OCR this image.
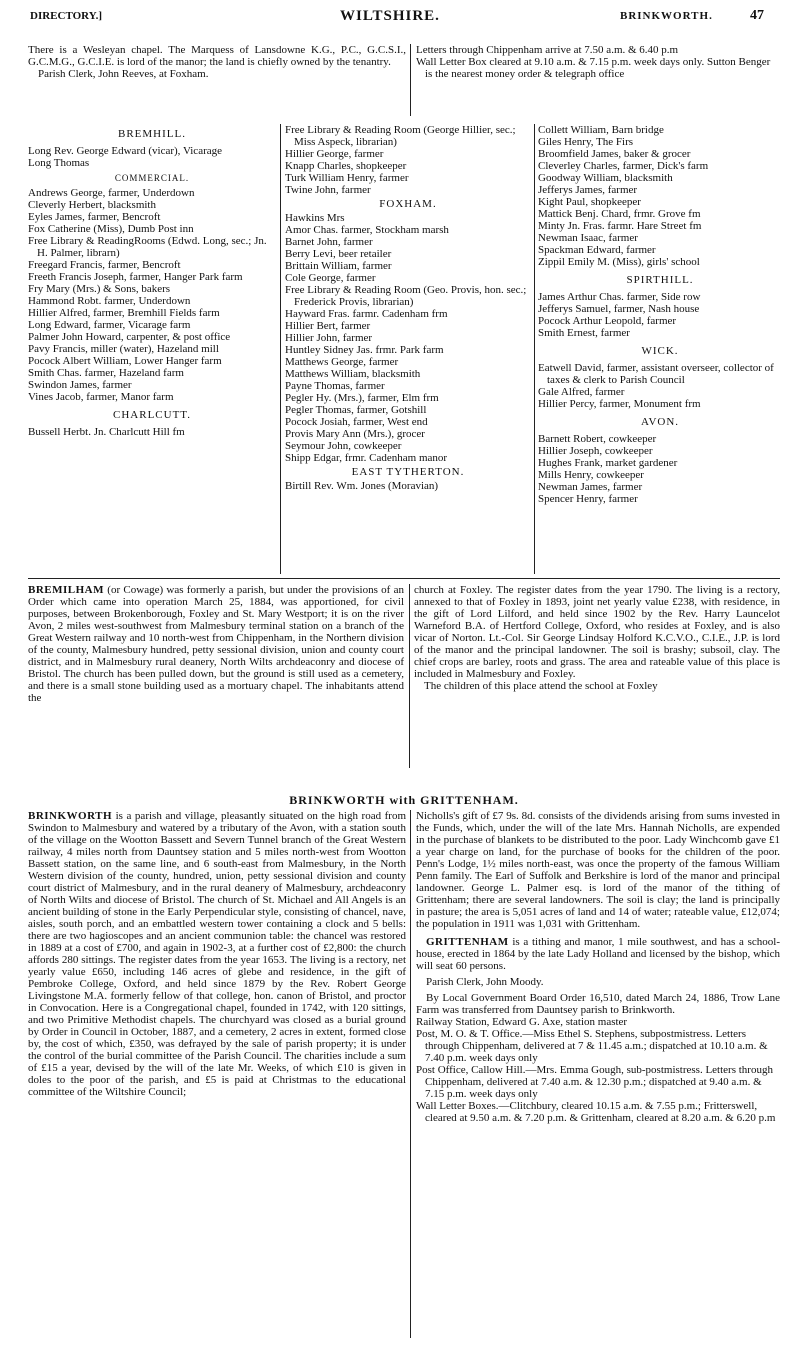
DIRECTORY.]	WILTSHIRE.	BRINKWORTH.	47

There is a Wesleyan chapel. The Marquess of Lansdowne K.G., P.C., G.C.S.I., G.C.M.G., G.C.I.E. is lord of the manor; the land is chiefly owned by the tenantry.

Parish Clerk, John Reeves, at Foxham.

Letters through Chippenham arrive at 7.50 a.m. & 6.40 p.m

Wall Letter Box cleared at 9.10 a.m. & 7.15 p.m. week days only. Sutton Benger is the nearest money order & telegraph office

BREMHILL.

Long Rev. George Edward (vicar), Vicarage

Long Thomas

COMMERCIAL.

Andrews George, farmer, Underdown

Cleverly Herbert, blacksmith

Eyles James, farmer, Bencroft

Fox Catherine (Miss), Dumb Post inn

Free Library & ReadingRooms (Edwd. Long, sec.; Jn. H. Palmer, librarn)

Freegard Francis, farmer, Bencroft

Freeth Francis Joseph, farmer, Hanger Park farm

Fry Mary (Mrs.) & Sons, bakers

Hammond Robt. farmer, Underdown

Hillier Alfred, farmer, Bremhill Fields farm

Long Edward, farmer, Vicarage farm

Palmer John Howard, carpenter, & post office

Pavy Francis, miller (water), Hazeland mill

Pocock Albert William, Lower Hanger farm

Smith Chas. farmer, Hazeland farm

Swindon James, farmer

Vines Jacob, farmer, Manor farm

CHARLCUTT.

Bussell Herbt. Jn. Charlcutt Hill fm

Free Library & Reading Room (George Hillier, sec.; Miss Aspeck, librarian)

Hillier George, farmer

Knapp Charles, shopkeeper

Turk William Henry, farmer

Twine John, farmer

FOXHAM.

Hawkins Mrs

Amor Chas. farmer, Stockham marsh

Barnet John, farmer

Berry Levi, beer retailer

Brittain William, farmer

Cole George, farmer

Free Library & Reading Room (Geo. Provis, hon. sec.; Frederick Provis, librarian)

Hayward Fras. farmr. Cadenham frm

Hillier Bert, farmer

Hillier John, farmer

Huntley Sidney Jas. frmr. Park farm

Matthews George, farmer

Matthews William, blacksmith

Payne Thomas, farmer

Pegler Hy. (Mrs.), farmer, Elm frm

Pegler Thomas, farmer, Gotshill

Pocock Josiah, farmer, West end

Provis Mary Ann (Mrs.), grocer

Seymour John, cowkeeper

Shipp Edgar, frmr. Cadenham manor

EAST TYTHERTON.

Birtill Rev. Wm. Jones (Moravian)

Collett William, Barn bridge

Giles Henry, The Firs

Broomfield James, baker & grocer

Cleverley Charles, farmer, Dick's farm

Goodway William, blacksmith

Jefferys James, farmer

Kight Paul, shopkeeper

Mattick Benj. Chard, frmr. Grove fm

Minty Jn. Fras. farmr. Hare Street fm

Newman Isaac, farmer

Spackman Edward, farmer

Zippil Emily M. (Miss), girls' school

SPIRTHILL.

James Arthur Chas. farmer, Side row

Jefferys Samuel, farmer, Nash house

Pocock Arthur Leopold, farmer

Smith Ernest, farmer

WICK.

Eatwell David, farmer, assistant overseer, collector of taxes & clerk to Parish Council

Gale Alfred, farmer

Hillier Percy, farmer, Monument frm

AVON.

Barnett Robert, cowkeeper

Hillier Joseph, cowkeeper

Hughes Frank, market gardener

Mills Henry, cowkeeper

Newman James, farmer

Spencer Henry, farmer

BREMILHAM (or Cowage) was formerly a parish, but under the provisions of an Order which came into operation March 25, 1884, was apportioned, for civil purposes, between Brokenborough, Foxley and St. Mary Westport; it is on the river Avon, 2 miles west-southwest from Malmesbury terminal station on a branch of the Great Western railway and 10 north-west from Chippenham, in the Northern division of the county, Malmesbury hundred, petty sessional division, union and county court district, and in Malmesbury rural deanery, North Wilts archdeaconry and diocese of Bristol. The church has been pulled down, but the ground is still used as a cemetery, and there is a small stone building used as a mortuary chapel. The inhabitants attend the

church at Foxley. The register dates from the year 1790. The living is a rectory, annexed to that of Foxley in 1893, joint net yearly value £238, with residence, in the gift of Lord Lilford, and held since 1902 by the Rev. Harry Launcelot Warneford B.A. of Hertford College, Oxford, who resides at Foxley, and is also vicar of Norton. Lt.-Col. Sir George Lindsay Holford K.C.V.O., C.I.E., J.P. is lord of the manor and the principal landowner. The soil is brashy; subsoil, clay. The chief crops are barley, roots and grass. The area and rateable value of this place is included in Malmesbury and Foxley.

The children of this place attend the school at Foxley

BRINKWORTH with GRITTENHAM.

BRINKWORTH is a parish and village, pleasantly situated on the high road from Swindon to Malmesbury and watered by a tributary of the Avon, with a station south of the village on the Wootton Bassett and Severn Tunnel branch of the Great Western railway, 4 miles north from Dauntsey station and 5 miles north-west from Wootton Bassett station, on the same line, and 6 south-east from Malmesbury, in the North Western division of the county, hundred, union, petty sessional division and county court district of Malmesbury, and in the rural deanery of Malmesbury, archdeaconry of North Wilts and diocese of Bristol. The church of St. Michael and All Angels is an ancient building of stone in the Early Perpendicular style, consisting of chancel, nave, aisles, south porch, and an embattled western tower containing a clock and 5 bells: there are two hagioscopes and an ancient communion table: the chancel was restored in 1889 at a cost of £700, and again in 1902-3, at a further cost of £2,800: the church affords 280 sittings. The register dates from the year 1653. The living is a rectory, net yearly value £650, including 146 acres of glebe and residence, in the gift of Pembroke College, Oxford, and held since 1879 by the Rev. Robert George Livingstone M.A. formerly fellow of that college, hon. canon of Bristol, and proctor in Convocation. Here is a Congregational chapel, founded in 1742, with 120 sittings, and two Primitive Methodist chapels. The churchyard was closed as a burial ground by Order in Council in October, 1887, and a cemetery, 2 acres in extent, formed close by, the cost of which, £350, was defrayed by the sale of parish property; it is under the control of the burial committee of the Parish Council. The charities include a sum of £15 a year, devised by the will of the late Mr. Weeks, of which £10 is given in doles to the poor of the parish, and £5 is paid at Christmas to the educational committee of the Wiltshire Council;

Nicholls's gift of £7 9s. 8d. consists of the dividends arising from sums invested in the Funds, which, under the will of the late Mrs. Hannah Nicholls, are expended in the purchase of blankets to be distributed to the poor. Lady Winchcomb gave £1 a year charge on land, for the purchase of books for the children of the poor. Penn's Lodge, 1½ miles north-east, was once the property of the famous William Penn family. The Earl of Suffolk and Berkshire is lord of the manor and principal landowner. George L. Palmer esq. is lord of the manor of the tithing of Grittenham; there are several landowners. The soil is clay; the land is principally in pasture; the area is 5,051 acres of land and 14 of water; rateable value, £12,074; the population in 1911 was 1,031 with Grittenham.

GRITTENHAM is a tithing and manor, 1 mile southwest, and has a school-house, erected in 1864 by the late Lady Holland and licensed by the bishop, which will seat 60 persons.

Parish Clerk, John Moody.

By Local Government Board Order 16,510, dated March 24, 1886, Trow Lane Farm was transferred from Dauntsey parish to Brinkworth.

Railway Station, Edward G. Axe, station master

Post, M. O. & T. Office.—Miss Ethel S. Stephens, subpostmistress. Letters through Chippenham, delivered at 7 & 11.45 a.m.; dispatched at 10.10 a.m. & 7.40 p.m. week days only

Post Office, Callow Hill.—Mrs. Emma Gough, sub-postmistress. Letters through Chippenham, delivered at 7.40 a.m. & 12.30 p.m.; dispatched at 9.40 a.m. & 7.15 p.m. week days only

Wall Letter Boxes.—Clitchbury, cleared 10.15 a.m. & 7.55 p.m.; Fritterswell, cleared at 9.50 a.m. & 7.20 p.m. & Grittenham, cleared at 8.20 a.m. & 6.20 p.m
